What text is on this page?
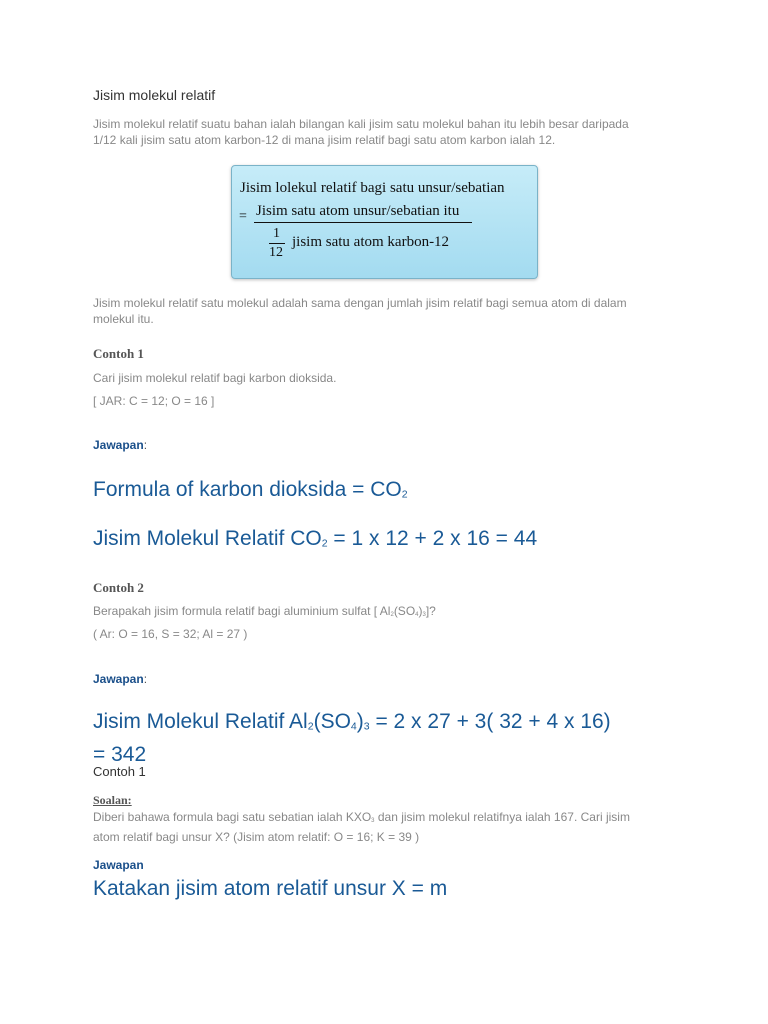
Jisim molekul relatif
Jisim molekul relatif suatu bahan ialah bilangan kali jisim satu molekul bahan itu lebih besar daripada
1/12 kali jisim satu atom karbon-12 di mana jisim relatif bagi satu atom karbon ialah 12.
Jisim lolekul relatif bagi satu unsur/sebatian
= Jisim satu atom unsur/sebatian itu
1
12
jisim satu atom karbon-12
Jisim molekul relatif satu molekul adalah sama dengan jumlah jisim relatif bagi semua atom di dalam
molekul itu.
Contoh 1
Cari jisim molekul relatif bagi karbon dioksida.
[ JAR: C = 12; O = 16 ]
Jawapan:
Formula of karbon dioksida = $CO_2$
Jisim Molekul Relatif $CO_2 = 1$ x 12 + 2 x 16 = 44
Contoh 2
Berapakah jisim formula relatif bagi aluminium sulfat [ $Al_2(SO_4)_3$]?
( Ar: O = 16, S = 32; Al = 27 )
Jawapan:
Jisim Molekul Relatif $Al_2(SO_4)_3 = 2$ x 27 + 3( 32 + 4 x 16)
= 342
Contoh 1
Soalan:
Diberi bahawa formula bagi satu sebatian ialah $KXO_3$ dan jisim molekul relatifnya ialah 167. Cari jisim
atom relatif bagi unsur X? (Jisim atom relatif: O = 16; K = 39 )
Jawapan
Katakan jisim atom relatif unsur X = m
